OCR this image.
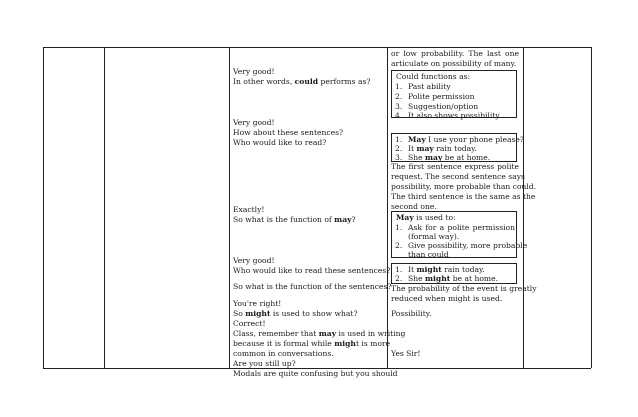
Very good!
In other words, could performs as?
Very good!
How about these sentences?
Who would like to read?
Exactly!
So what is the function of may?
Very good!
Who would like to read these sentences?
So what is the function of the sentences?
You're right!
So might is used to show what?
Correct!
Class, remember that may is used in writing
because it is formal while might is more
common in conversations.
Are you still up?
Modals are quite confusing but you should
or low probability. The last one
articulate on possibility of many.
Could functions as:
1. Past ability
2. Polite permission
3. Suggestion/option
4. It also shows possibility.
1. May I use your phone please?
2. It may rain today.
3. She may be at home.
The first sentence express polite
request. The second sentence says
possibility, more probable than could.
The third sentence is the same as the
second one.
May is used to:
1. Ask for a polite permission
(formal way).
2. Give possibility, more probable
than could
1. It might rain today.
2. She might be at home.
The probability of the event is greatly
reduced when might is used.
Possibility.
Yes Sir!
